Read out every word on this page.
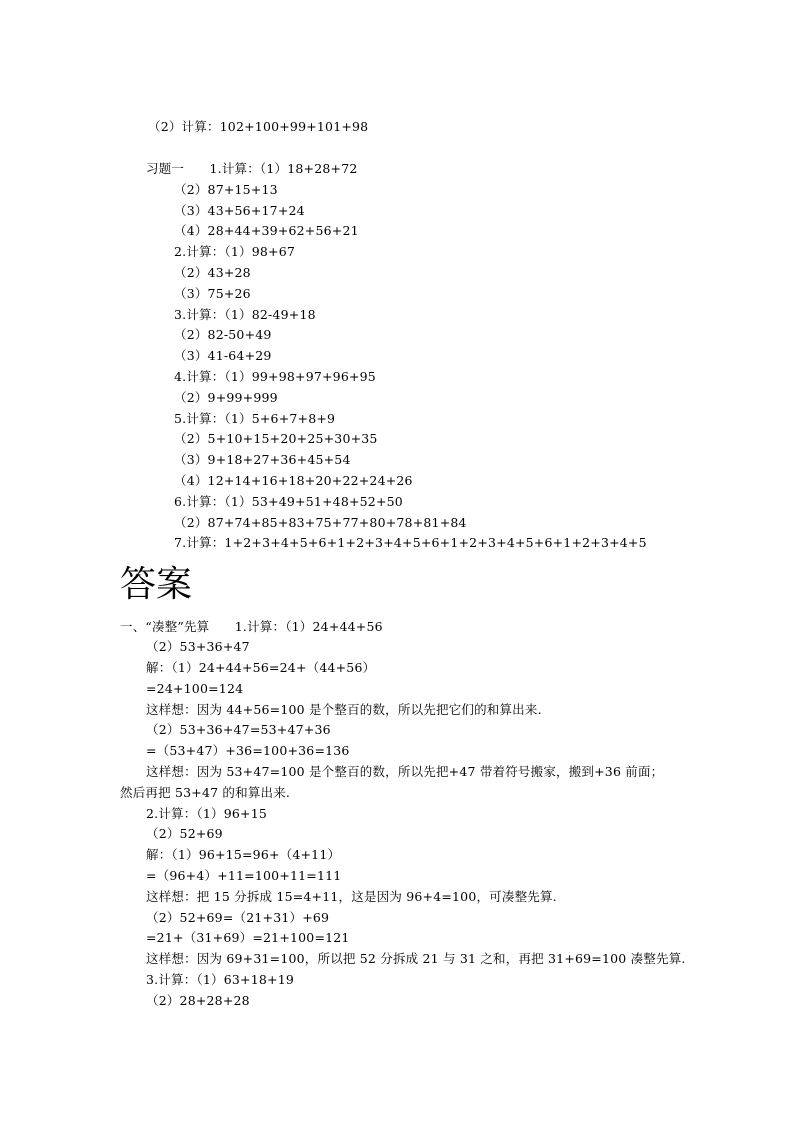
（2）计算：102+100+99+101+98
习题一　　1.计算：（1）18+28+72
（2）87+15+13
（3）43+56+17+24
（4）28+44+39+62+56+21
2.计算：（1）98+67
（2）43+28
（3）75+26
3.计算：（1）82-49+18
（2）82-50+49
（3）41-64+29
4.计算：（1）99+98+97+96+95
（2）9+99+999
5.计算：（1）5+6+7+8+9
（2）5+10+15+20+25+30+35
（3）9+18+27+36+45+54
（4）12+14+16+18+20+22+24+26
6.计算：（1）53+49+51+48+52+50
（2）87+74+85+83+75+77+80+78+81+84
7.计算：1+2+3+4+5+6+1+2+3+4+5+6+1+2+3+4+5+6+1+2+3+4+5
答案
一、“凑整”先算　　1.计算：（1）24+44+56
（2）53+36+47
解：（1）24+44+56=24+（44+56）
=24+100=124
这样想：因为 44+56=100 是个整百的数，所以先把它们的和算出来.
（2）53+36+47=53+47+36
=（53+47）+36=100+36=136
这样想：因为 53+47=100 是个整百的数，所以先把+47 带着符号搬家，搬到+36 前面；
然后再把 53+47 的和算出来.
2.计算：（1）96+15
（2）52+69
解：（1）96+15=96+（4+11）
=（96+4）+11=100+11=111
这样想：把 15 分拆成 15=4+11，这是因为 96+4=100，可凑整先算.
（2）52+69=（21+31）+69
=21+（31+69）=21+100=121
这样想：因为 69+31=100，所以把 52 分拆成 21 与 31 之和，再把 31+69=100 凑整先算.
3.计算：（1）63+18+19
（2）28+28+28
